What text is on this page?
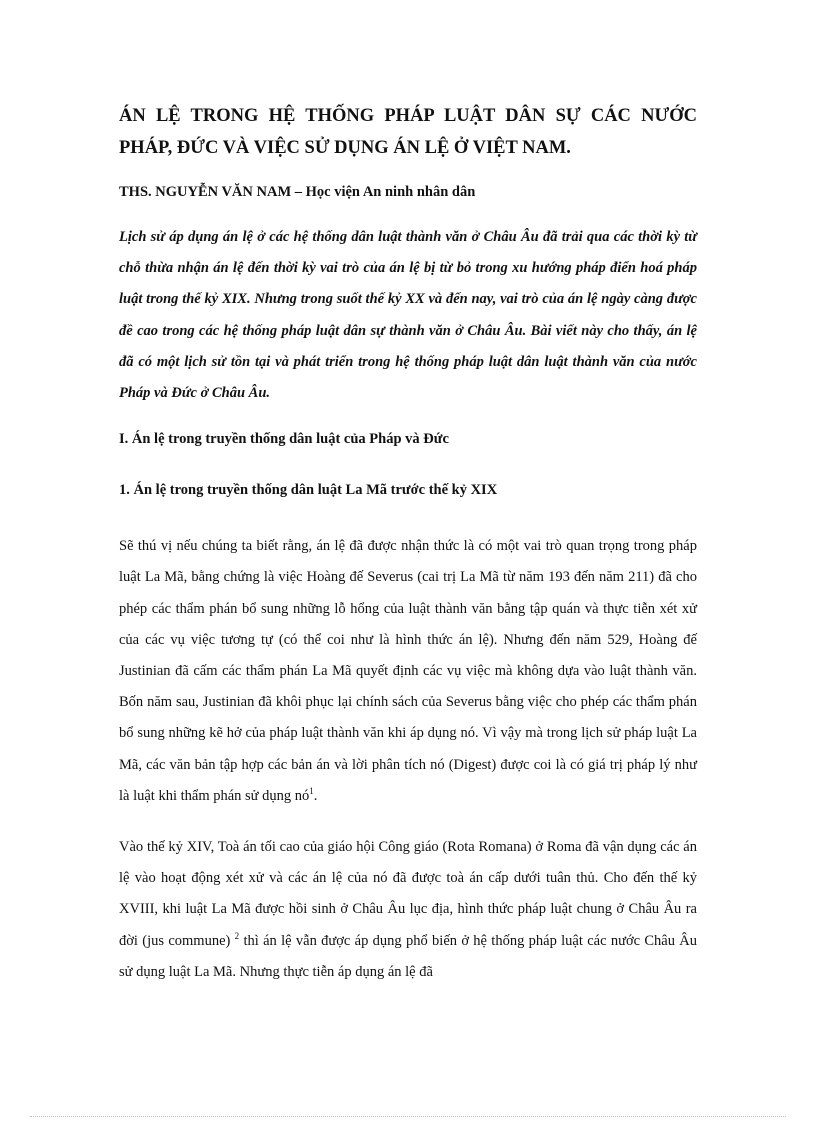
ÁN LỆ TRONG HỆ THỐNG PHÁP LUẬT DÂN SỰ CÁC NƯỚC
PHÁP, ĐỨC VÀ VIỆC SỬ DỤNG ÁN LỆ Ở VIỆT NAM.

THS. NGUYỄN VĂN NAM – Học viện An ninh nhân dân

Lịch sử áp dụng án lệ ở các hệ thống dân luật thành văn ở Châu Âu đã trải qua các thời kỳ từ chỗ thừa nhận án lệ đến thời kỳ vai trò của án lệ bị từ bỏ trong xu hướng pháp điển hoá pháp luật trong thế kỷ XIX. Nhưng trong suốt thế kỷ XX và đến nay, vai trò của án lệ ngày càng được đề cao trong các hệ thống pháp luật dân sự thành văn ở Châu Âu. Bài viết này cho thấy, án lệ đã có một lịch sử tồn tại và phát triển trong hệ thống pháp luật dân luật thành văn của nước Pháp và Đức ở Châu Âu.

I. Án lệ trong truyền thống dân luật của Pháp và Đức

1. Án lệ trong truyền thống dân luật La Mã trước thế kỷ XIX

Sẽ thú vị nếu chúng ta biết rằng, án lệ đã được nhận thức là có một vai trò quan trọng trong pháp luật La Mã, bằng chứng là việc Hoàng đế Severus (cai trị La Mã từ năm 193 đến năm 211) đã cho phép các thẩm phán bổ sung những lỗ hổng của luật thành văn bằng tập quán và thực tiễn xét xử của các vụ việc tương tự (có thể coi như là hình thức án lệ). Nhưng đến năm 529, Hoàng đế Justinian đã cấm các thẩm phán La Mã quyết định các vụ việc mà không dựa vào luật thành văn. Bốn năm sau, Justinian đã khôi phục lại chính sách của Severus bằng việc cho phép các thẩm phán bổ sung những kẽ hở của pháp luật thành văn khi áp dụng nó. Vì vậy mà trong lịch sử pháp luật La Mã, các văn bản tập hợp các bản án và lời phân tích nó (Digest) được coi là có giá trị pháp lý như là luật khi thẩm phán sử dụng $nó^1$.

Vào thế kỷ XIV, Toà án tối cao của giáo hội Công giáo (Rota Romana) ở Roma đã vận dụng các án lệ vào hoạt động xét xử và các án lệ của nó đã được toà án cấp dưới tuân thủ. Cho đến thế kỷ XVIII, khi luật La Mã được hồi sinh ở Châu Âu lục địa, hình thức pháp luật chung ở Châu Âu ra đời (jus commune) $^2$ thì án lệ vẫn được áp dụng phổ biến ở hệ thống pháp luật các nước Châu Âu sử dụng luật La Mã. Nhưng thực tiễn áp dụng án lệ đã
